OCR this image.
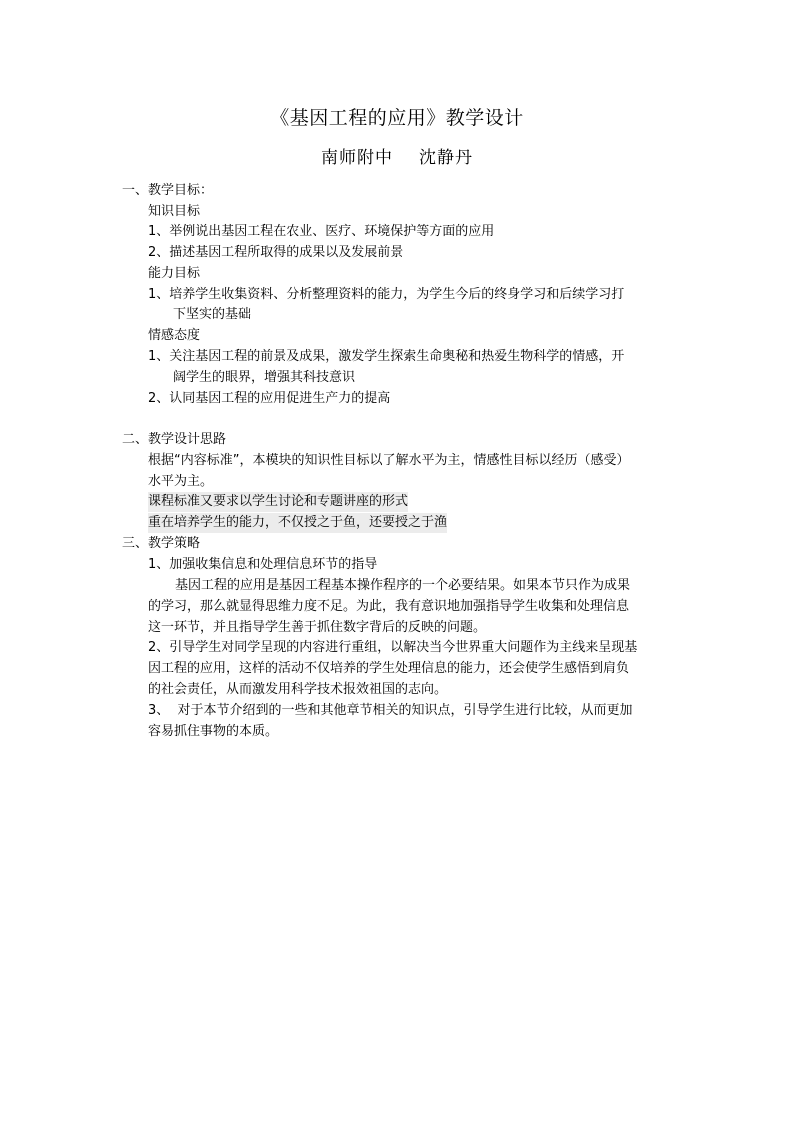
《基因工程的应用》教学设计
南师附中 沈静丹
一、教学目标：
知识目标
1、举例说出基因工程在农业、医疗、环境保护等方面的应用
2、描述基因工程所取得的成果以及发展前景
能力目标
1、培养学生收集资料、分析整理资料的能力，为学生今后的终身学习和后续学习打
下坚实的基础
情感态度
1、关注基因工程的前景及成果，激发学生探索生命奥秘和热爱生物科学的情感，开
阔学生的眼界，增强其科技意识
2、认同基因工程的应用促进生产力的提高
二、教学设计思路
根据“内容标准”，本模块的知识性目标以了解水平为主，情感性目标以经历（感受）
水平为主。
课程标准又要求以学生讨论和专题讲座的形式
重在培养学生的能力，不仅授之于鱼，还要授之于渔
三、教学策略
1、加强收集信息和处理信息环节的指导
基因工程的应用是基因工程基本操作程序的一个必要结果。如果本节只作为成果
的学习，那么就显得思维力度不足。为此，我有意识地加强指导学生收集和处理信息
这一环节，并且指导学生善于抓住数字背后的反映的问题。
2、引导学生对同学呈现的内容进行重组，以解决当今世界重大问题作为主线来呈现基
因工程的应用，这样的活动不仅培养的学生处理信息的能力，还会使学生感悟到肩负
的社会责任，从而激发用科学技术报效祖国的志向。
3、  对于本节介绍到的一些和其他章节相关的知识点，引导学生进行比较，从而更加
容易抓住事物的本质。
